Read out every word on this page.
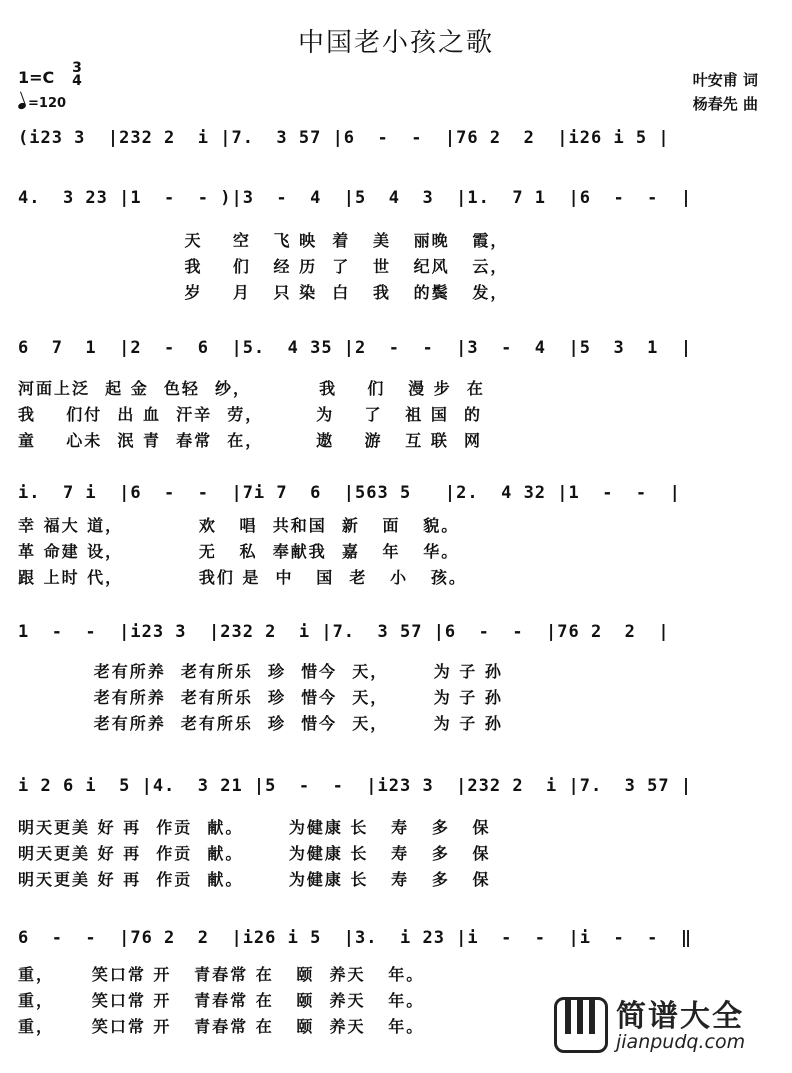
中国老小孩之歌
1=C 3
4
=120
叶安甫 词
杨春先 曲
(i23 3  |232 2  i |7.  3 57 |6  -  -  |76 2  2  |i26 i 5 |
4.  3 23 |1  -  - )|3  -  4  |5  4  3  |1.  7 1  |6  -  -  |
天    空   飞 映  着   美   丽晚   霞，
我    们   经 历  了   世   纪风   云，
岁    月   只 染  白   我   的鬓   发，
6  7  1  |2  -  6  |5.  4 35 |2  -  -  |3  -  4  |5  3  1  |
河面上泛  起 金  色轻  纱，         我    们   漫 步  在
我    们付  出 血  汗辛  劳，       为    了   祖 国  的
童    心未  泯 青  春常  在，       遨    游   互 联  网
i.  7 i  |6  -  -  |7i 7  6  |563 5   |2.  4 32 |1  -  -  |
幸 福大 道，          欢   唱  共和国  新   面   貌。
革 命建 设，          无   私  奉献我  嘉   年   华。
跟 上时 代，          我们 是  中   国  老   小   孩。
1  -  -  |i23 3  |232 2  i |7.  3 57 |6  -  -  |76 2  2  |
老有所养  老有所乐  珍  惜今  天，      为 子 孙
老有所养  老有所乐  珍  惜今  天，      为 子 孙
老有所养  老有所乐  珍  惜今  天，      为 子 孙
i 2 6 i  5 |4.  3 21 |5  -  -  |i23 3  |232 2  i |7.  3 57 |
明天更美 好 再  作贡  献。      为健康 长   寿   多   保
明天更美 好 再  作贡  献。      为健康 长   寿   多   保
明天更美 好 再  作贡  献。      为健康 长   寿   多   保
6  -  -  |76 2  2  |i26 i 5  |3.  i 23 |i  -  -  |i  -  -  ‖
重，     笑口常 开   青春常 在   颐  养天   年。
重，     笑口常 开   青春常 在   颐  养天   年。
重，     笑口常 开   青春常 在   颐  养天   年。	简谱大全
jianpudq.com
